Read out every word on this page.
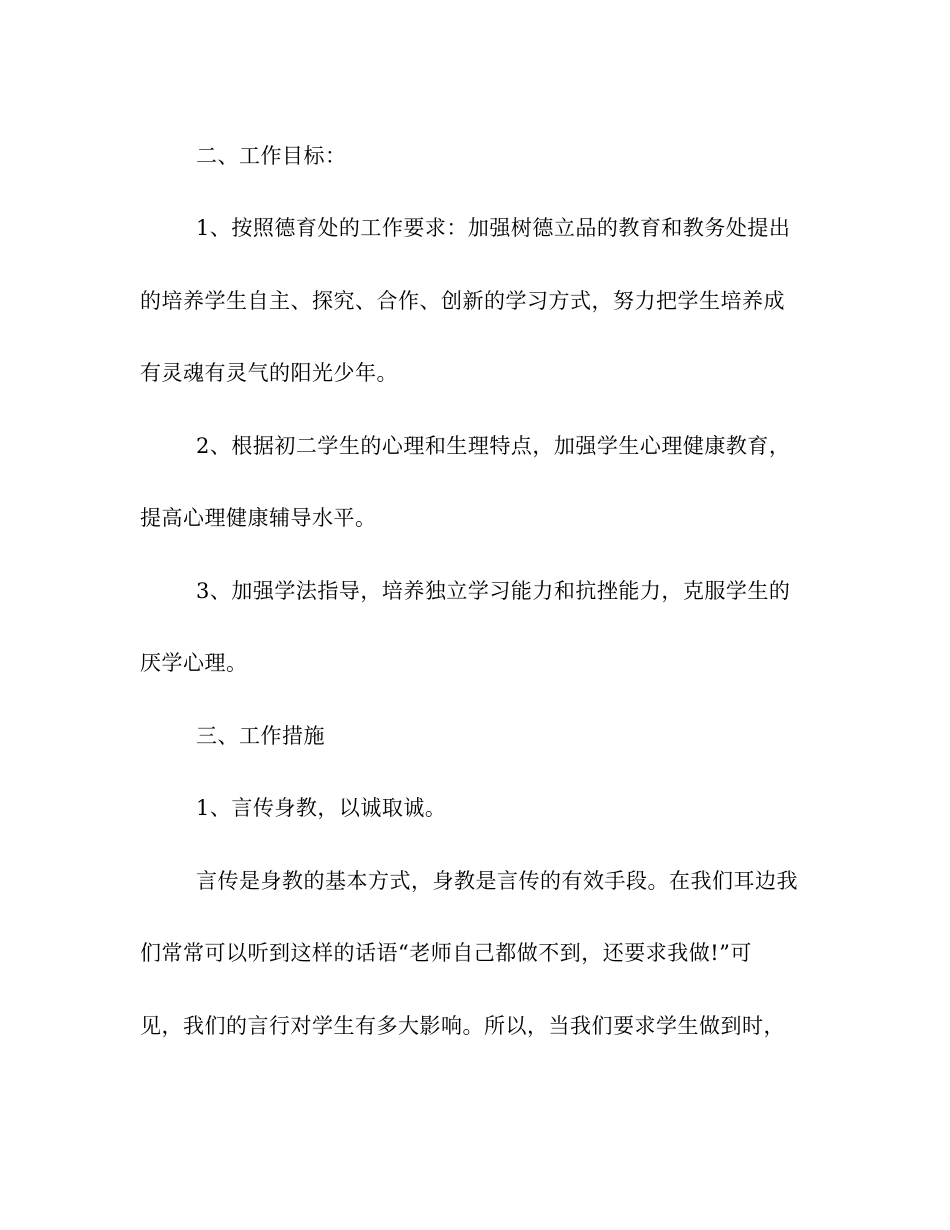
二、工作目标：

1、按照德育处的工作要求：加强树德立品的教育和教务处提出

的培养学生自主、探究、合作、创新的学习方式，努力把学生培养成

有灵魂有灵气的阳光少年。

2、根据初二学生的心理和生理特点，加强学生心理健康教育，

提高心理健康辅导水平。

3、加强学法指导，培养独立学习能力和抗挫能力，克服学生的

厌学心理。

三、工作措施

1、言传身教，以诚取诚。

言传是身教的基本方式，身教是言传的有效手段。在我们耳边我

们常常可以听到这样的话语“老师自己都做不到，还要求我做!”可

见，我们的言行对学生有多大影响。所以，当我们要求学生做到时，
